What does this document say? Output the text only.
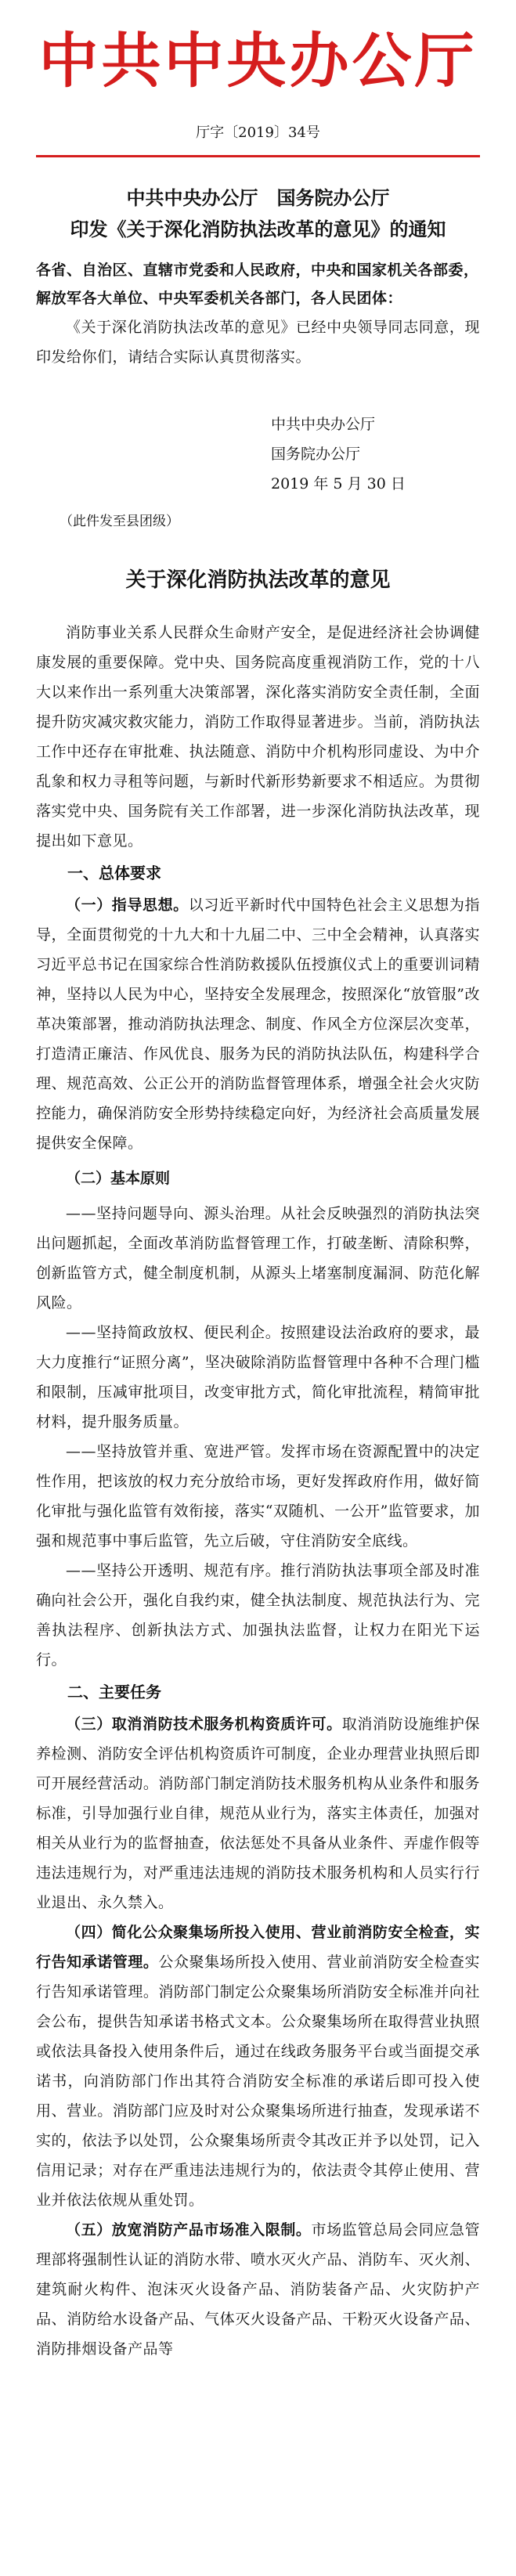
中共中央办公厅
厅字〔2019〕34号
中共中央办公厅　国务院办公厅
印发《关于深化消防执法改革的意见》的通知
各省、自治区、直辖市党委和人民政府，中央和国家机关各部委，解放军各大单位、中央军委机关各部门，各人民团体：

《关于深化消防执法改革的意见》已经中央领导同志同意，现印发给你们，请结合实际认真贯彻落实。

中共中央办公厅
国务院办公厅
2019 年 5 月 30 日
（此件发至县团级）
关于深化消防执法改革的意见

消防事业关系人民群众生命财产安全，是促进经济社会协调健康发展的重要保障。党中央、国务院高度重视消防工作，党的十八大以来作出一系列重大决策部署，深化落实消防安全责任制，全面提升防灾减灾救灾能力，消防工作取得显著进步。当前，消防执法工作中还存在审批难、执法随意、消防中介机构形同虚设、为中介乱象和权力寻租等问题，与新时代新形势新要求不相适应。为贯彻落实党中央、国务院有关工作部署，进一步深化消防执法改革，现提出如下意见。

一、总体要求

（一）指导思想。以习近平新时代中国特色社会主义思想为指导，全面贯彻党的十九大和十九届二中、三中全会精神，认真落实习近平总书记在国家综合性消防救援队伍授旗仪式上的重要训词精神，坚持以人民为中心，坚持安全发展理念，按照深化“放管服”改革决策部署，推动消防执法理念、制度、作风全方位深层次变革，打造清正廉洁、作风优良、服务为民的消防执法队伍，构建科学合理、规范高效、公正公开的消防监督管理体系，增强全社会火灾防控能力，确保消防安全形势持续稳定向好，为经济社会高质量发展提供安全保障。

（二）基本原则

——坚持问题导向、源头治理。从社会反映强烈的消防执法突出问题抓起，全面改革消防监督管理工作，打破垄断、清除积弊，创新监管方式，健全制度机制，从源头上堵塞制度漏洞、防范化解风险。

——坚持简政放权、便民利企。按照建设法治政府的要求，最大力度推行“证照分离”，坚决破除消防监督管理中各种不合理门槛和限制，压减审批项目，改变审批方式，简化审批流程，精简审批材料，提升服务质量。

——坚持放管并重、宽进严管。发挥市场在资源配置中的决定性作用，把该放的权力充分放给市场，更好发挥政府作用，做好简化审批与强化监管有效衔接，落实“双随机、一公开”监管要求，加强和规范事中事后监管，先立后破，守住消防安全底线。

——坚持公开透明、规范有序。推行消防执法事项全部及时准确向社会公开，强化自我约束，健全执法制度、规范执法行为、完善执法程序、创新执法方式、加强执法监督，让权力在阳光下运行。

二、主要任务

（三）取消消防技术服务机构资质许可。取消消防设施维护保养检测、消防安全评估机构资质许可制度，企业办理营业执照后即可开展经营活动。消防部门制定消防技术服务机构从业条件和服务标准，引导加强行业自律，规范从业行为，落实主体责任，加强对相关从业行为的监督抽查，依法惩处不具备从业条件、弄虚作假等违法违规行为，对严重违法违规的消防技术服务机构和人员实行行业退出、永久禁入。

（四）简化公众聚集场所投入使用、营业前消防安全检查，实行告知承诺管理。公众聚集场所投入使用、营业前消防安全检查实行告知承诺管理。消防部门制定公众聚集场所消防安全标准并向社会公布，提供告知承诺书格式文本。公众聚集场所在取得营业执照或依法具备投入使用条件后，通过在线政务服务平台或当面提交承诺书，向消防部门作出其符合消防安全标准的承诺后即可投入使用、营业。消防部门应及时对公众聚集场所进行抽查，发现承诺不实的，依法予以处罚，公众聚集场所责令其改正并予以处罚，记入信用记录；对存在严重违法违规行为的，依法责令其停止使用、营业并依法依规从重处罚。

（五）放宽消防产品市场准入限制。市场监管总局会同应急管理部将强制性认证的消防水带、喷水灭火产品、消防车、灭火剂、建筑耐火构件、泡沫灭火设备产品、消防装备产品、火灾防护产品、消防给水设备产品、气体灭火设备产品、干粉灭火设备产品、消防排烟设备产品等
